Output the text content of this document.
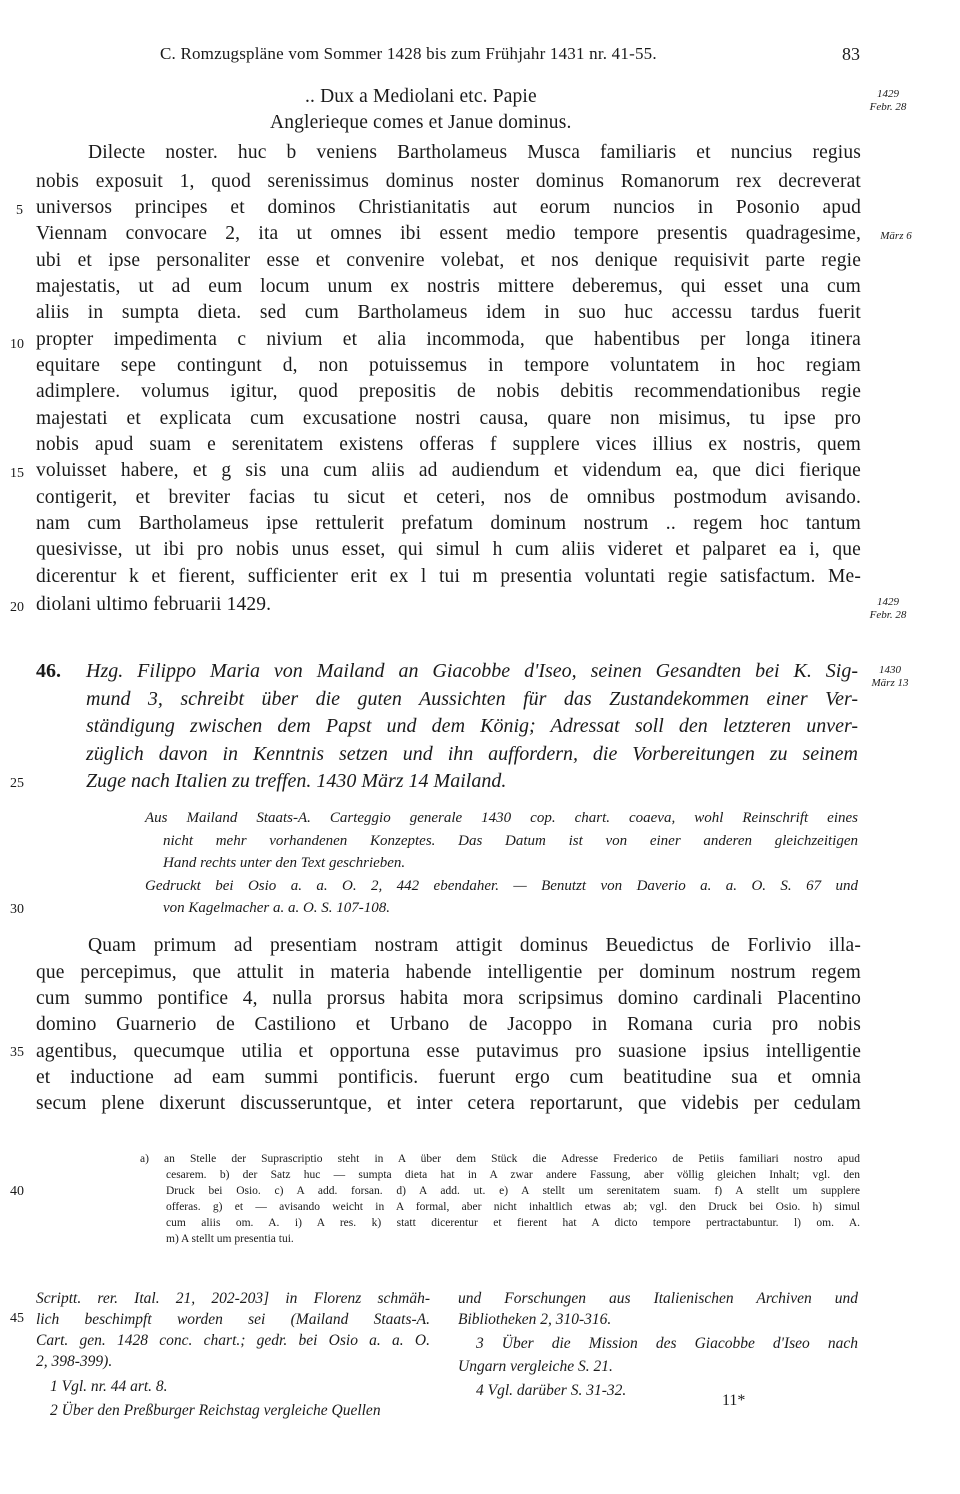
C. Romzugspläne vom Sommer 1428 bis zum Frühjahr 1431 nr. 41-55.	83
.. Dux a Mediolani etc. Papie
Anglerieque comes et Janue dominus.
1429
Febr. 28
März 6
1429
Febr. 28
1430
März 13
Dilecte noster. huc b veniens Bartholameus Musca familiaris et nuncius regius
nobis exposuit 1, quod serenissimus dominus noster dominus Romanorum rex decreverat
universos principes et dominos Christianitatis aut eorum nuncios in Posonio apud
Viennam convocare 2, ita ut omnes ibi essent medio tempore presentis quadragesime,
ubi et ipse personaliter esse et convenire volebat, et nos denique requisivit parte regie
majestatis, ut ad eum locum unum ex nostris mittere deberemus, qui esset una cum
aliis in sumpta dieta. sed cum Bartholameus idem in suo huc accessu tardus fuerit
propter impedimenta c nivium et alia incommoda, que habentibus per longa itinera
equitare sepe contingunt d, non potuissemus in tempore voluntatem in hoc regiam
adimplere. volumus igitur, quod prepositis de nobis debitis recommendationibus regie
majestati et explicata cum excusatione nostri causa, quare non misimus, tu ipse pro
nobis apud suam e serenitatem existens offeras f supplere vices illius ex nostris, quem
voluisset habere, et g sis una cum aliis ad audiendum et videndum ea, que dici fierique
contigerit, et breviter facias tu sicut et ceteri, nos de omnibus postmodum avisando.
nam cum Bartholameus ipse rettulerit prefatum dominum nostrum .. regem hoc tantum
quesivisse, ut ibi pro nobis unus esset, qui simul h cum aliis videret et palparet ea i, que
dicerentur k et fierent, sufficienter erit ex l tui m presentia voluntati regie satisfactum. Me-
diolani ultimo februarii 1429.
5
10
15
20
25
30
35
40
45
46. Hzg. Filippo Maria von Mailand an Giacobbe d'Iseo, seinen Gesandten bei K. Sig-
mund 3, schreibt über die guten Aussichten für das Zustandekommen einer Ver-
ständigung zwischen dem Papst und dem König; Adressat soll den letzteren unver-
züglich davon in Kenntnis setzen und ihn auffordern, die Vorbereitungen zu seinem
Zuge nach Italien zu treffen. 1430 März 14 Mailand.
Aus Mailand Staats-A. Carteggio generale 1430 cop. chart. coaeva, wohl Reinschrift eines
nicht mehr vorhandenen Konzeptes. Das Datum ist von einer anderen gleichzeitigen
Hand rechts unter den Text geschrieben.
Gedruckt bei Osio a. a. O. 2, 442 ebendaher. — Benutzt von Daverio a. a. O. S. 67 und
von Kagelmacher a. a. O. S. 107-108.
Quam primum ad presentiam nostram attigit dominus Beuedictus de Forlivio illa-
que percepimus, que attulit in materia habende intelligentie per dominum nostrum regem
cum summo pontifice 4, nulla prorsus habita mora scripsimus domino cardinali Placentino
domino Guarnerio de Castiliono et Urbano de Jacoppo in Romana curia pro nobis
agentibus, quecumque utilia et opportuna esse putavimus pro suasione ipsius intelligentie
et inductione ad eam summi pontificis. fuerunt ergo cum beatitudine sua et omnia
secum plene dixerunt discusseruntque, et inter cetera reportarunt, que videbis per cedulam
a) an Stelle der Suprascriptio steht in A über dem Stück die Adresse Frederico de Petiis familiari nostro apud
cesarem. b) der Satz huc — sumpta dieta hat in A zwar andere Fassung, aber völlig gleichen Inhalt; vgl. den
Druck bei Osio. c) A add. forsan. d) A add. ut. e) A stellt um serenitatem suam. f) A stellt um supplere
offeras. g) et — avisando weicht in A formal, aber nicht inhaltlich etwas ab; vgl. den Druck bei Osio. h) simul
cum aliis om. A. i) A res. k) statt dicerentur et fierent hat A dicto tempore pertractabuntur. l) om. A.
m) A stellt um presentia tui.
Scriptt. rer. Ital. 21, 202-203] in Florenz schmäh-
lich beschimpft worden sei (Mailand Staats-A.
Cart. gen. 1428 conc. chart.; gedr. bei Osio a. a. O.
2, 398-399).
1 Vgl. nr. 44 art. 8.
2 Über den Preßburger Reichstag vergleiche Quellen
und Forschungen aus Italienischen Archiven und
Bibliotheken 2, 310-316.
3 Über die Mission des Giacobbe d'Iseo nach
Ungarn vergleiche S. 21.
4 Vgl. darüber S. 31-32.
11*
